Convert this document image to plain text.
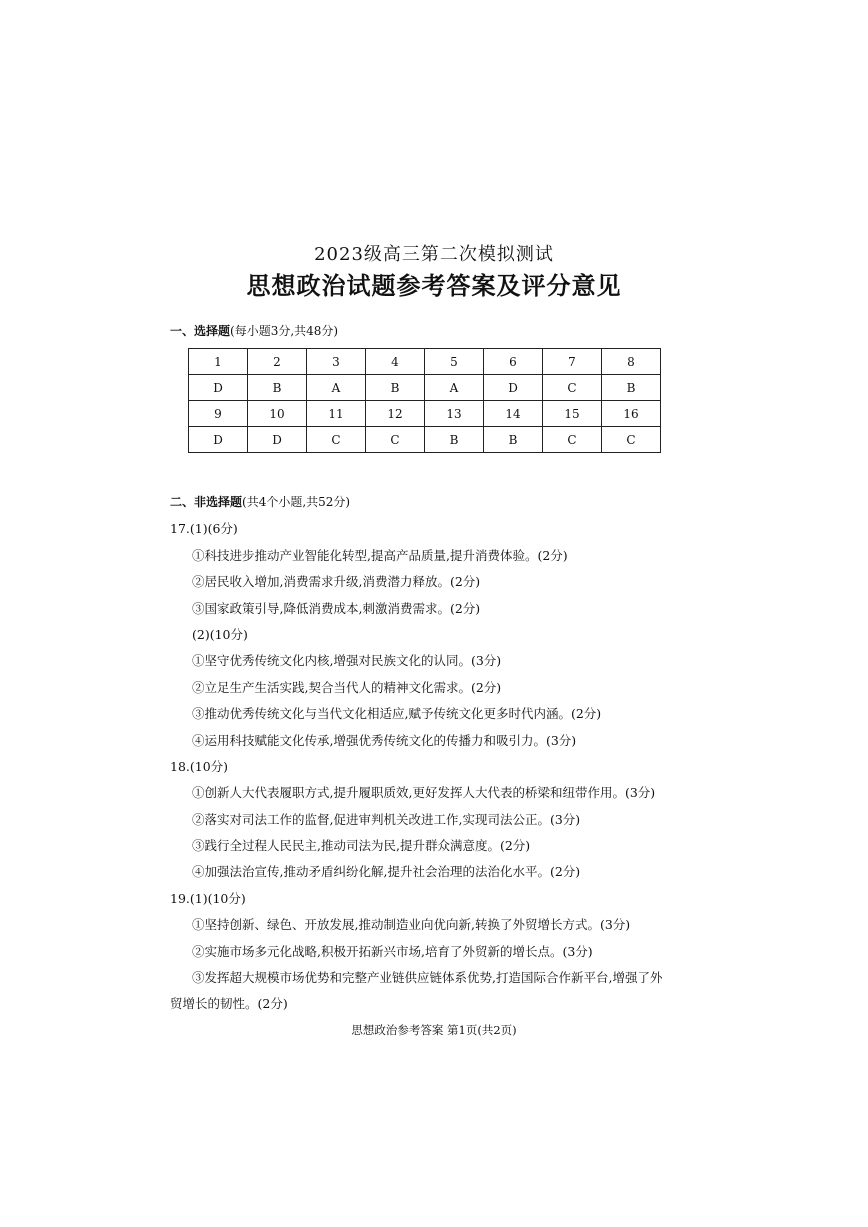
2023级高三第二次模拟测试
思想政治试题参考答案及评分意见
一、选择题(每小题3分,共48分)
1	2	3	4	5	6	7	8
D	B	A	B	A	D	C	B
9	10	11	12	13	14	15	16
D	D	C	C	B	B	C	C
二、非选择题(共4个小题,共52分)
17.(1)(6分)
①科技进步推动产业智能化转型,提高产品质量,提升消费体验。(2分)
②居民收入增加,消费需求升级,消费潜力释放。(2分)
③国家政策引导,降低消费成本,刺激消费需求。(2分)
(2)(10分)
①坚守优秀传统文化内核,增强对民族文化的认同。(3分)
②立足生产生活实践,契合当代人的精神文化需求。(2分)
③推动优秀传统文化与当代文化相适应,赋予传统文化更多时代内涵。(2分)
④运用科技赋能文化传承,增强优秀传统文化的传播力和吸引力。(3分)
18.(10分)
①创新人大代表履职方式,提升履职质效,更好发挥人大代表的桥梁和纽带作用。(3分)
②落实对司法工作的监督,促进审判机关改进工作,实现司法公正。(3分)
③践行全过程人民民主,推动司法为民,提升群众满意度。(2分)
④加强法治宣传,推动矛盾纠纷化解,提升社会治理的法治化水平。(2分)
19.(1)(10分)
①坚持创新、绿色、开放发展,推动制造业向优向新,转换了外贸增长方式。(3分)
②实施市场多元化战略,积极开拓新兴市场,培育了外贸新的增长点。(3分)
③发挥超大规模市场优势和完整产业链供应链体系优势,打造国际合作新平台,增强了外
贸增长的韧性。(2分)
思想政治参考答案 第1页(共2页)
